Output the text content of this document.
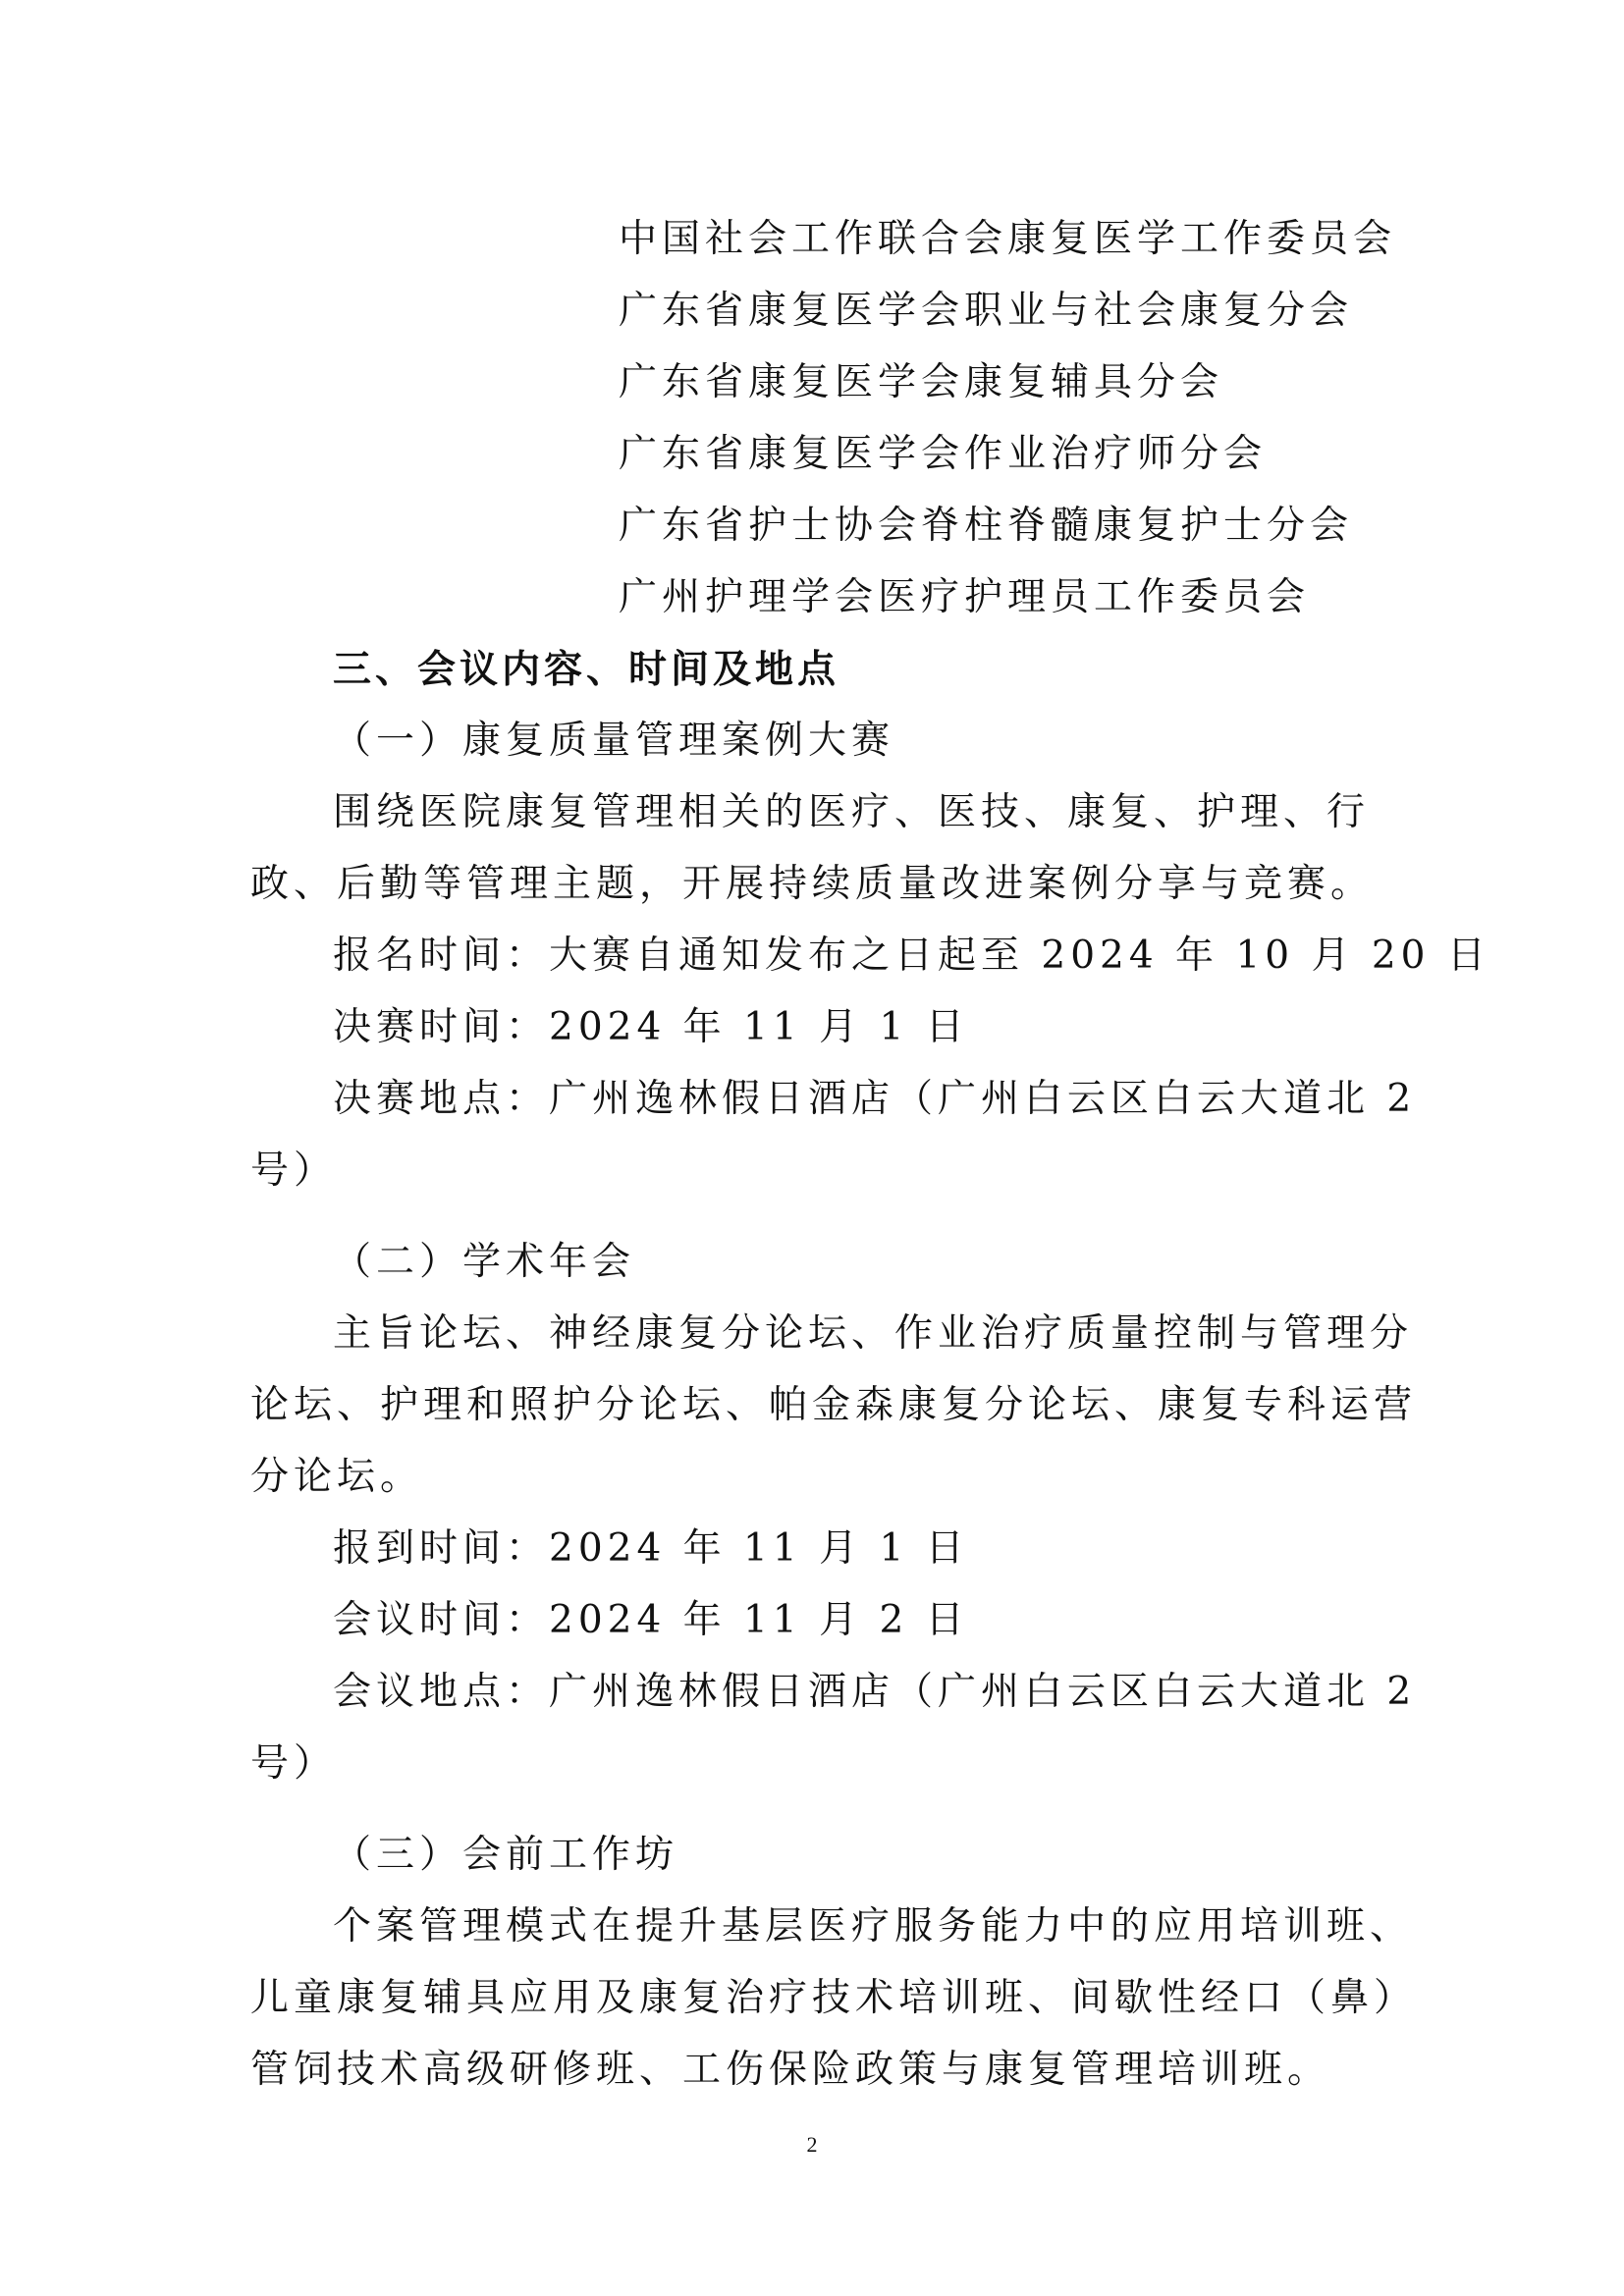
中国社会工作联合会康复医学工作委员会
广东省康复医学会职业与社会康复分会
广东省康复医学会康复辅具分会
广东省康复医学会作业治疗师分会
广东省护士协会脊柱脊髓康复护士分会
广州护理学会医疗护理员工作委员会
三、会议内容、时间及地点
（一）康复质量管理案例大赛
围绕医院康复管理相关的医疗、医技、康复、护理、行
政、后勤等管理主题，开展持续质量改进案例分享与竞赛。
报名时间：大赛自通知发布之日起至 2024 年 10 月 20 日
决赛时间：2024 年 11 月 1 日
决赛地点：广州逸林假日酒店（广州白云区白云大道北 2
号）
（二）学术年会
主旨论坛、神经康复分论坛、作业治疗质量控制与管理分
论坛、护理和照护分论坛、帕金森康复分论坛、康复专科运营
分论坛。
报到时间：2024 年 11 月 1 日
会议时间：2024 年 11 月 2 日
会议地点：广州逸林假日酒店（广州白云区白云大道北 2
号）
（三）会前工作坊
个案管理模式在提升基层医疗服务能力中的应用培训班、
儿童康复辅具应用及康复治疗技术培训班、间歇性经口（鼻）
管饲技术高级研修班、工伤保险政策与康复管理培训班。
2
